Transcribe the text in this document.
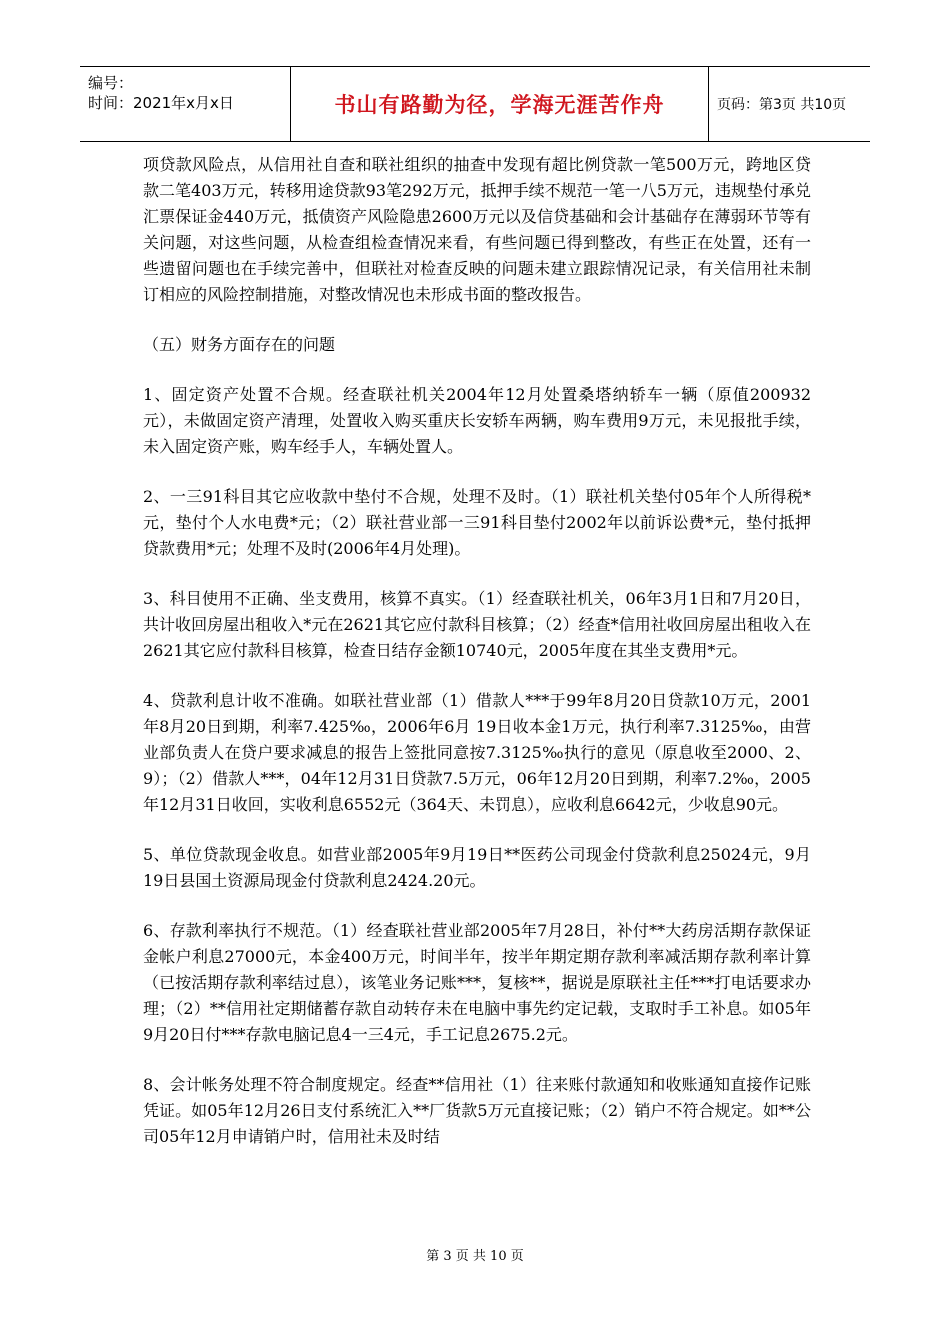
编号：
时间：2021年x月x日	书山有路勤为径，学海无涯苦作舟	页码：第3页 共10页

项贷款风险点，从信用社自查和联社组织的抽查中发现有超比例贷款一笔500万元，跨地区贷款二笔403万元，转移用途贷款93笔292万元，抵押手续不规范一笔一八5万元，违规垫付承兑汇票保证金440万元，抵债资产风险隐患2600万元以及信贷基础和会计基础存在薄弱环节等有关问题，对这些问题，从检查组检查情况来看，有些问题已得到整改，有些正在处置，还有一些遗留问题也在手续完善中，但联社对检查反映的问题未建立跟踪情况记录，有关信用社未制订相应的风险控制措施，对整改情况也未形成书面的整改报告。

（五）财务方面存在的问题

1、固定资产处置不合规。经查联社机关2004年12月处置桑塔纳轿车一辆（原值200932元），未做固定资产清理，处置收入购买重庆长安轿车两辆，购车费用9万元，未见报批手续，未入固定资产账，购车经手人，车辆处置人。

2、一三91科目其它应收款中垫付不合规，处理不及时。（1）联社机关垫付05年个人所得税*元，垫付个人水电费*元；（2）联社营业部一三91科目垫付2002年以前诉讼费*元，垫付抵押贷款费用*元；处理不及时(2006年4月处理)。

3、科目使用不正确、坐支费用，核算不真实。（1）经查联社机关，06年3月1日和7月20日，共计收回房屋出租收入*元在2621其它应付款科目核算；（2）经查*信用社收回房屋出租收入在2621其它应付款科目核算，检查日结存金额10740元，2005年度在其坐支费用*元。

4、贷款利息计收不准确。如联社营业部（1）借款人***于99年8月20日贷款10万元，2001年8月20日到期，利率7.425‰，2006年6月 19日收本金1万元，执行利率7.3125‰，由营业部负责人在贷户要求减息的报告上签批同意按7.3125‰执行的意见（原息收至2000、2、9）；（2）借款人***，04年12月31日贷款7.5万元，06年12月20日到期，利率7.2‰，2005年12月31日收回，实收利息6552元（364天、未罚息），应收利息6642元，少收息90元。

5、单位贷款现金收息。如营业部2005年9月19日**医药公司现金付贷款利息25024元，9月19日县国土资源局现金付贷款利息2424.20元。

6、存款利率执行不规范。（1）经查联社营业部2005年7月28日，补付**大药房活期存款保证金帐户利息27000元，本金400万元，时间半年，按半年期定期存款利率减活期存款利率计算（已按活期存款利率结过息），该笔业务记账***，复核**，据说是原联社主任***打电话要求办理；（2）**信用社定期储蓄存款自动转存未在电脑中事先约定记载，支取时手工补息。如05年9月20日付***存款电脑记息4一三4元，手工记息2675.2元。

8、会计帐务处理不符合制度规定。经查**信用社（1）往来账付款通知和收账通知直接作记账凭证。如05年12月26日支付系统汇入**厂货款5万元直接记账；（2）销户不符合规定。如**公司05年12月申请销户时，信用社未及时结

第 3 页 共 10 页
